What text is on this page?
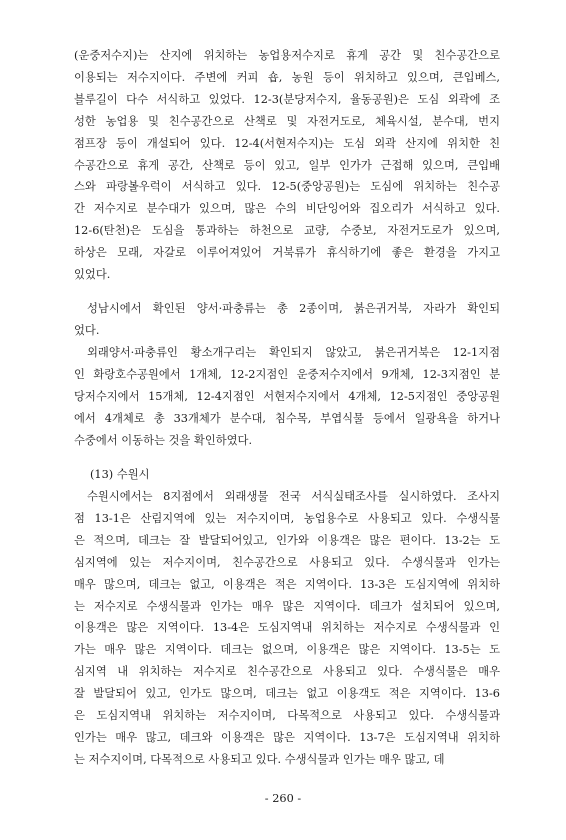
(운중저수지)는 산지에 위치하는 농업용저수지로 휴게 공간 및 친수공간으로
이용되는 저수지이다. 주변에 커피 숍, 농원 등이 위치하고 있으며, 큰입베스,
블루길이 다수 서식하고 있었다. 12-3(분당저수지, 율동공원)은 도심 외곽에 조
성한 농업용 및 친수공간으로 산책로 및 자전거도로, 체육시설, 분수대, 번지
점프장 등이 개설되어 있다. 12-4(서현저수지)는 도심 외곽 산지에 위치한 친
수공간으로 휴게 공간, 산책로 등이 있고, 일부 인가가 근접해 있으며, 큰입배
스와 파랑볼우럭이 서식하고 있다. 12-5(중앙공원)는 도심에 위치하는 친수공
간 저수지로 분수대가 있으며, 많은 수의 비단잉어와 집오리가 서식하고 있다.
12-6(탄천)은 도심을 통과하는 하천으로 교량, 수중보, 자전거도로가 있으며,
하상은 모래, 자갈로 이루어져있어 거북류가 휴식하기에 좋은 환경을 가지고
있었다.
성남시에서 확인된 양서·파충류는 총 2종이며, 붉은귀거북, 자라가 확인되
었다.
외래양서·파충류인 황소개구리는 확인되지 않았고, 붉은귀거북은 12-1지점
인 화랑호수공원에서 1개체, 12-2지점인 운중저수지에서 9개체, 12-3지점인 분
당저수지에서 15개체, 12-4지점인 서현저수지에서 4개체, 12-5지점인 중앙공원
에서 4개체로 총 33개체가 분수대, 침수목, 부엽식물 등에서 일광욕을 하거나
수중에서 이동하는 것을 확인하였다.
(13) 수원시
수원시에서는 8지점에서 외래생물 전국 서식실태조사를 실시하였다. 조사지
점 13-1은 산림지역에 있는 저수지이며, 농업용수로 사용되고 있다. 수생식물
은 적으며, 데크는 잘 발달되어있고, 인가와 이용객은 많은 편이다. 13-2는 도
심지역에 있는 저수지이며, 친수공간으로 사용되고 있다. 수생식물과 인가는
매우 많으며, 데크는 없고, 이용객은 적은 지역이다. 13-3은 도심지역에 위치하
는 저수지로 수생식물과 인가는 매우 많은 지역이다. 데크가 설치되어 있으며,
이용객은 많은 지역이다. 13-4은 도심지역내 위치하는 저수지로 수생식물과 인
가는 매우 많은 지역이다. 데크는 없으며, 이용객은 많은 지역이다. 13-5는 도
심지역 내 위치하는 저수지로 친수공간으로 사용되고 있다. 수생식물은 매우
잘 발달되어 있고, 인가도 많으며, 데크는 없고 이용객도 적은 지역이다. 13-6
은 도심지역내 위치하는 저수지이며, 다목적으로 사용되고 있다. 수생식물과
인가는 매우 많고, 데크와 이용객은 많은 지역이다. 13-7은 도심지역내 위치하
는 저수지이며, 다목적으로 사용되고 있다. 수생식물과 인가는 매우 많고, 데
- 260 -
